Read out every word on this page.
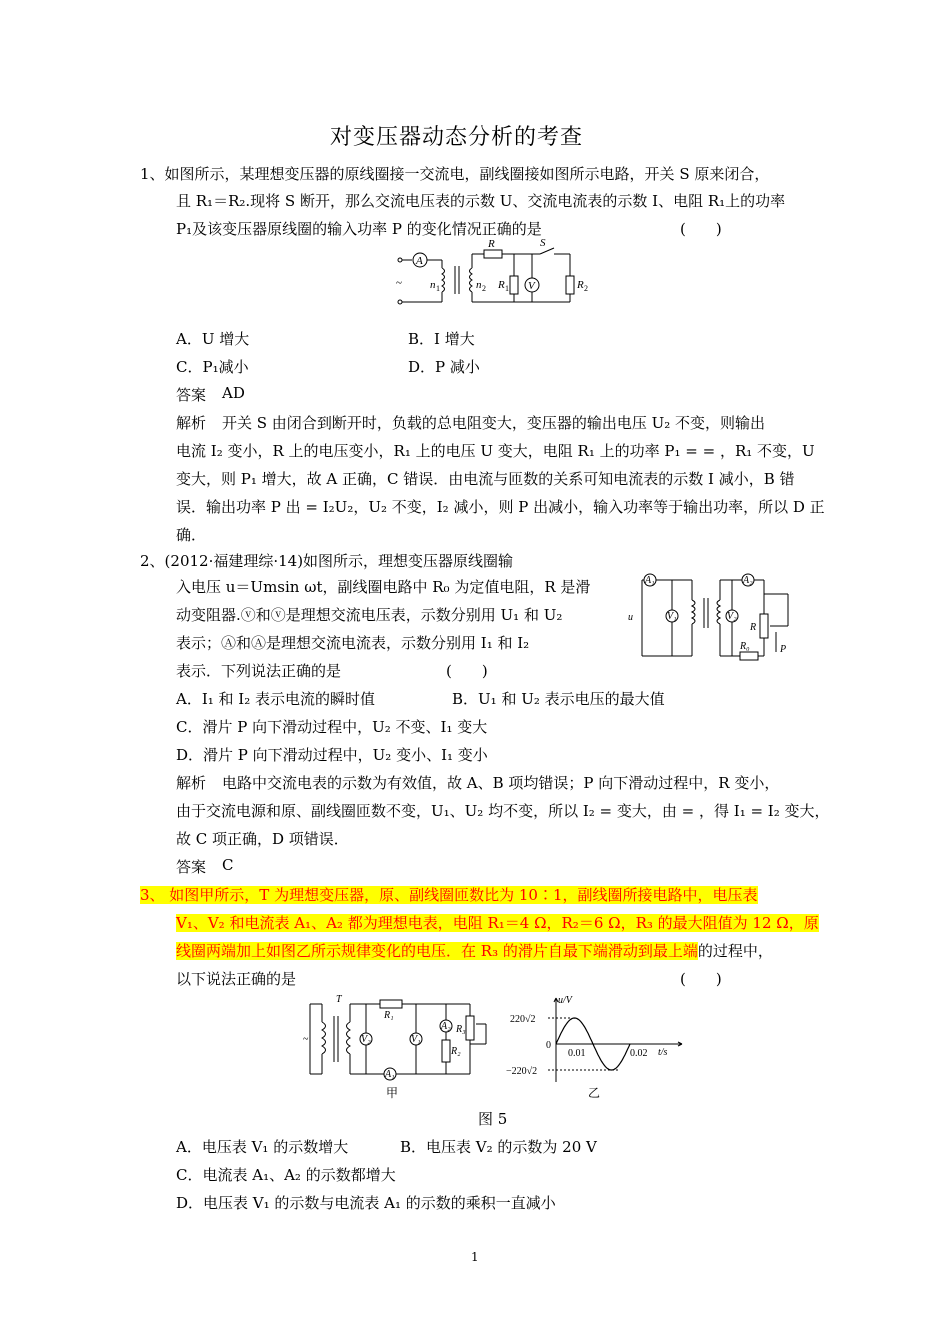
对变压器动态分析的考查
1、如图所示，某理想变压器的原线圈接一交流电，副线圈接如图所示电路，开关 S 原来闭合，
且 R₁＝R₂.现将 S 断开，那么交流电压表的示数 U、交流电流表的示数 I、电阻 R₁上的功率
P₁及该变压器原线圈的输入功率 P 的变化情况正确的是	(　　)
A
R	S
n 1	n 2 R 1 V	R 2
~
A．U 增大	B．I 增大
C．P₁减小	D．P 减小
答案 AD
解析 开关 S 由闭合到断开时，负载的总电阻变大，变压器的输出电压 U₂ 不变，则输出
电流 I₂ 变小，R 上的电压变小，R₁ 上的电压 U 变大，电阻 R₁ 上的功率 P₁ = = ，R₁ 不变，U
变大，则 P₁ 增大，故 A 正确，C 错误．由电流与匝数的关系可知电流表的示数 I 减小，B 错
误．输出功率 P 出 = I₂U₂，U₂ 不变，I₂ 减小，则 P 出减小，输入功率等于输出功率，所以 D 正
确．
2、(2012·福建理综·14)如图所示，理想变压器原线圈输
入电压 u＝Umsin ωt，副线圈电路中 R₀ 为定值电阻，R 是滑
动变阻器.ⓥ和ⓥ是理想交流电压表，示数分别用 U₁ 和 U₂
表示；Ⓐ和Ⓐ是理想交流电流表，示数分别用 I₁ 和 I₂
表示．下列说法正确的是	(　　)
A₁	A₂
V₁	V₂
u
R
R₀	P
A．I₁ 和 I₂ 表示电流的瞬时值	B．U₁ 和 U₂ 表示电压的最大值
C．滑片 P 向下滑动过程中，U₂ 不变、I₁ 变大
D．滑片 P 向下滑动过程中，U₂ 变小、I₁ 变小
解析 电路中交流电表的示数为有效值，故 A、B 项均错误；P 向下滑动过程中，R 变小，
由于交流电源和原、副线圈匝数不变，U₁、U₂ 均不变，所以 I₂ = 变大，由 = ，得 I₁ = I₂ 变大，
故 C 项正确，D 项错误．
答案 C
3、 如图甲所示，T 为理想变压器，原、副线圈匝数比为 10∶1，副线圈所接电路中，电压表
V₁、V₂ 和电流表 A₁、A₂ 都为理想电表，电阻 R₁＝4 Ω，R₂＝6 Ω，R₃ 的最大阻值为 12 Ω，原
线圈两端加上如图乙所示规律变化的电压．在 R₃ 的滑片自最下端滑动到最上端的过程中，
以下说法正确的是	(　　)
T
~
R₁
V₂	V₁
A₂
A₁
R₂
R₃
甲
u/V
t/s
220√2
−220√2
0
0.01	0.02
乙
图 5
A．电压表 V₁ 的示数增大	B．电压表 V₂ 的示数为 20 V
C．电流表 A₁、A₂ 的示数都增大
D．电压表 V₁ 的示数与电流表 A₁ 的示数的乘积一直减小
1
